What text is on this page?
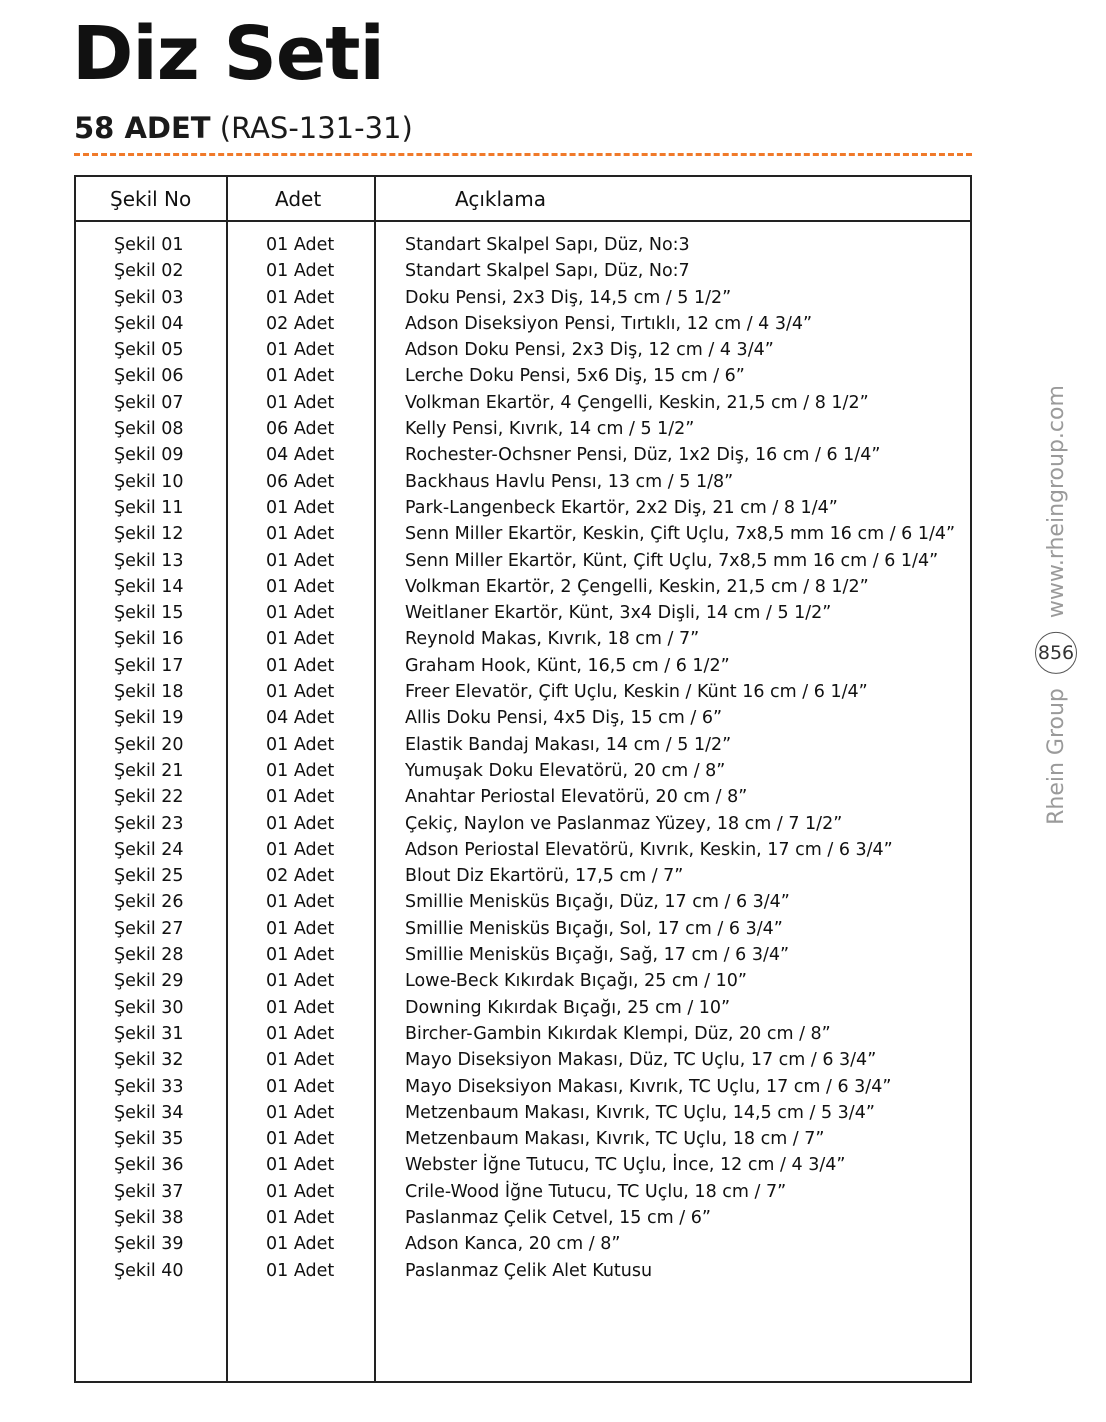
Diz Seti
58 ADET (RAS-131-31)
Şekil No	Adet	Açıklama
Şekil 01	01 Adet	Standart Skalpel Sapı, Düz, No:3
Şekil 02	01 Adet	Standart Skalpel Sapı, Düz, No:7
Şekil 03	01 Adet	Doku Pensi, 2x3 Diş, 14,5 cm / 5 1/2”
Şekil 04	02 Adet	Adson Diseksiyon Pensi, Tırtıklı, 12 cm / 4 3/4”
Şekil 05	01 Adet	Adson Doku Pensi, 2x3 Diş, 12 cm / 4 3/4”
Şekil 06	01 Adet	Lerche Doku Pensi, 5x6 Diş, 15 cm / 6”
Şekil 07	01 Adet	Volkman Ekartör, 4 Çengelli, Keskin, 21,5 cm / 8 1/2”
Şekil 08	06 Adet	Kelly Pensi, Kıvrık, 14 cm / 5 1/2”
Şekil 09	04 Adet	Rochester-Ochsner Pensi, Düz, 1x2 Diş, 16 cm / 6 1/4”
Şekil 10	06 Adet	Backhaus Havlu Pensı, 13 cm / 5 1/8”
Şekil 11	01 Adet	Park-Langenbeck Ekartör, 2x2 Diş, 21 cm / 8 1/4”
Şekil 12	01 Adet	Senn Miller Ekartör, Keskin, Çift Uçlu, 7x8,5 mm 16 cm / 6 1/4”
Şekil 13	01 Adet	Senn Miller Ekartör, Künt, Çift Uçlu, 7x8,5 mm 16 cm / 6 1/4”
Şekil 14	01 Adet	Volkman Ekartör, 2 Çengelli, Keskin, 21,5 cm / 8 1/2”
Şekil 15	01 Adet	Weitlaner Ekartör, Künt, 3x4 Dişli, 14 cm / 5 1/2”
Şekil 16	01 Adet	Reynold Makas, Kıvrık, 18 cm / 7”
Şekil 17	01 Adet	Graham Hook, Künt, 16,5 cm / 6 1/2”
Şekil 18	01 Adet	Freer Elevatör, Çift Uçlu, Keskin / Künt 16 cm / 6 1/4”
Şekil 19	04 Adet	Allis Doku Pensi, 4x5 Diş, 15 cm / 6”
Şekil 20	01 Adet	Elastik Bandaj Makası, 14 cm / 5 1/2”
Şekil 21	01 Adet	Yumuşak Doku Elevatörü, 20 cm / 8”
Şekil 22	01 Adet	Anahtar Periostal Elevatörü, 20 cm / 8”
Şekil 23	01 Adet	Çekiç, Naylon ve Paslanmaz Yüzey, 18 cm / 7 1/2”
Şekil 24	01 Adet	Adson Periostal Elevatörü, Kıvrık, Keskin, 17 cm / 6 3/4”
Şekil 25	02 Adet	Blout Diz Ekartörü, 17,5 cm / 7”
Şekil 26	01 Adet	Smillie Menisküs Bıçağı, Düz, 17 cm / 6 3/4”
Şekil 27	01 Adet	Smillie Menisküs Bıçağı, Sol, 17 cm / 6 3/4”
Şekil 28	01 Adet	Smillie Menisküs Bıçağı, Sağ, 17 cm / 6 3/4”
Şekil 29	01 Adet	Lowe-Beck Kıkırdak Bıçağı, 25 cm / 10”
Şekil 30	01 Adet	Downing Kıkırdak Bıçağı, 25 cm / 10”
Şekil 31	01 Adet	Bircher-Gambin Kıkırdak Klempi, Düz, 20 cm / 8”
Şekil 32	01 Adet	Mayo Diseksiyon Makası, Düz, TC Uçlu, 17 cm / 6 3/4”
Şekil 33	01 Adet	Mayo Diseksiyon Makası, Kıvrık, TC Uçlu, 17 cm / 6 3/4”
Şekil 34	01 Adet	Metzenbaum Makası, Kıvrık, TC Uçlu, 14,5 cm / 5 3/4”
Şekil 35	01 Adet	Metzenbaum Makası, Kıvrık, TC Uçlu, 18 cm / 7”
Şekil 36	01 Adet	Webster İğne Tutucu, TC Uçlu, İnce, 12 cm / 4 3/4”
Şekil 37	01 Adet	Crile-Wood İğne Tutucu, TC Uçlu, 18 cm / 7”
Şekil 38	01 Adet	Paslanmaz Çelik Cetvel, 15 cm / 6”
Şekil 39	01 Adet	Adson Kanca, 20 cm / 8”
Şekil 40	01 Adet	Paslanmaz Çelik Alet Kutusu
Rhein Group
856
www.rheingroup.com
